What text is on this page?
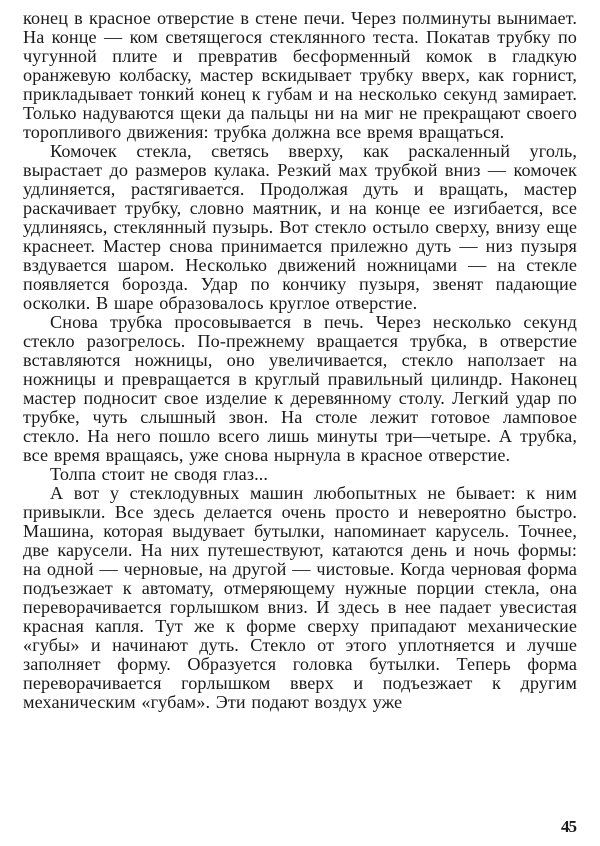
конец в красное отверстие в стене печи. Через полминуты вынимает. На конце — ком светящегося стеклянного теста. Покатав трубку по чугунной плите и превратив бесформенный комок в гладкую оранжевую колбаску, мастер вскидывает трубку вверх, как горнист, прикладывает тонкий конец к губам и на несколько секунд замирает. Только надуваются щеки да пальцы ни на миг не прекращают своего торопливого движения: трубка должна все время вращаться.

Комочек стекла, светясь вверху, как раскаленный уголь, вырастает до размеров кулака. Резкий мах трубкой вниз — комочек удлиняется, растягивается. Продолжая дуть и вращать, мастер раскачивает трубку, словно маятник, и на конце ее изгибается, все удлиняясь, стеклянный пузырь. Вот стекло остыло сверху, внизу еще краснеет. Мастер снова принимается прилежно дуть — низ пузыря вздувается шаром. Несколько движений ножницами — на стекле появляется борозда. Удар по кончику пузыря, звенят падающие осколки. В шаре образовалось круглое отверстие.

Снова трубка просовывается в печь. Через несколько секунд стекло разогрелось. По-прежнему вращается трубка, в отверстие вставляются ножницы, оно увеличивается, стекло наползает на ножницы и превращается в круглый правильный цилиндр. Наконец мастер подносит свое изделие к деревянному столу. Легкий удар по трубке, чуть слышный звон. На столе лежит готовое ламповое стекло. На него пошло всего лишь минуты три—четыре. А трубка, все время вращаясь, уже снова нырнула в красное отверстие.

Толпа стоит не сводя глаз...

А вот у стеклодувных машин любопытных не бывает: к ним привыкли. Все здесь делается очень просто и невероятно быстро. Машина, которая выдувает бутылки, напоминает карусель. Точнее, две карусели. На них путешествуют, катаются день и ночь формы: на одной — черновые, на другой — чистовые. Когда черновая форма подъезжает к автомату, отмеряющему нужные порции стекла, она переворачивается горлышком вниз. И здесь в нее падает увесистая красная капля. Тут же к форме сверху припадают механические «губы» и начинают дуть. Стекло от этого уплотняется и лучше заполняет форму. Образуется головка бутылки. Теперь форма переворачивается горлышком вверх и подъезжает к другим механическим «губам». Эти подают воздух уже

45
